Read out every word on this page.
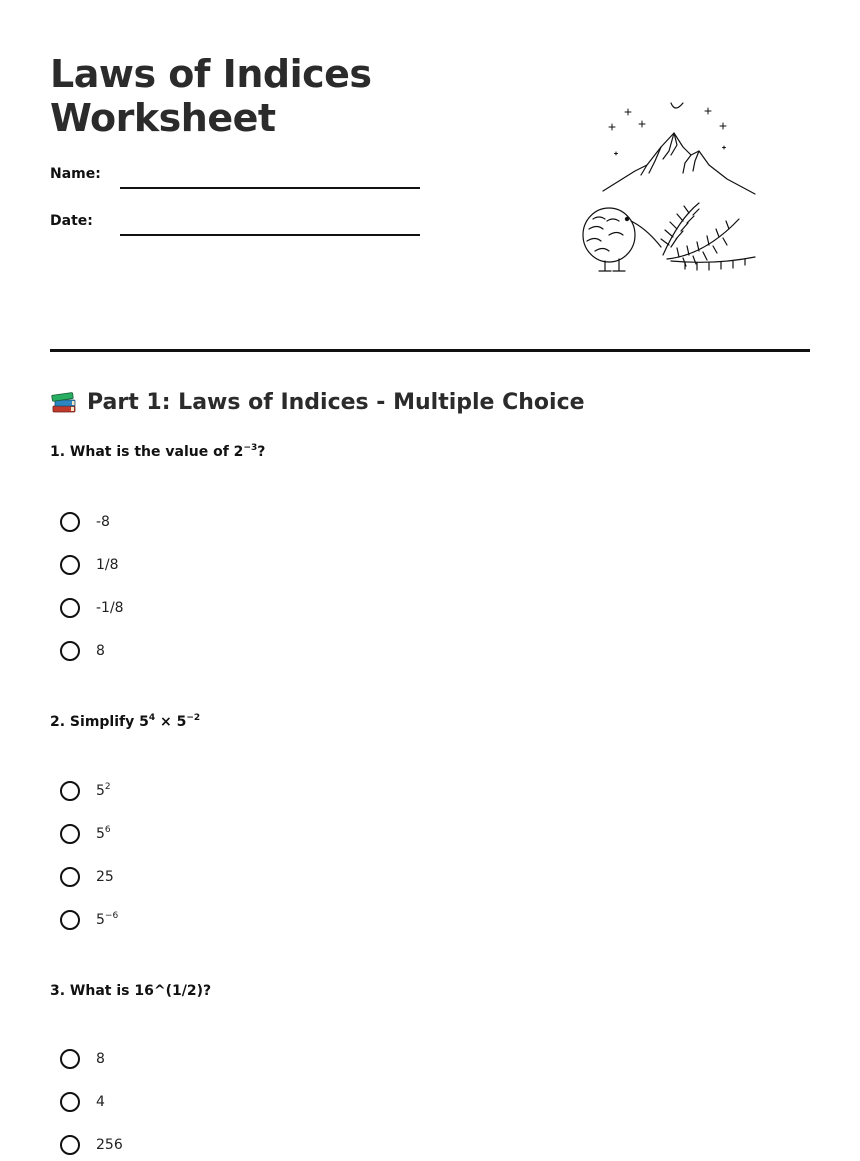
Laws of Indices
Worksheet
Name:
Date:
Part 1: Laws of Indices - Multiple Choice

1. What is the value of $2^{-3}$?

-8
1/8
-1/8
8

2. Simplify $5^4 \times 5^{-2}$

$5^2$
$5^6$
25
$5^{-6}$

3. What is 16^(1/2)?

8
4
256
